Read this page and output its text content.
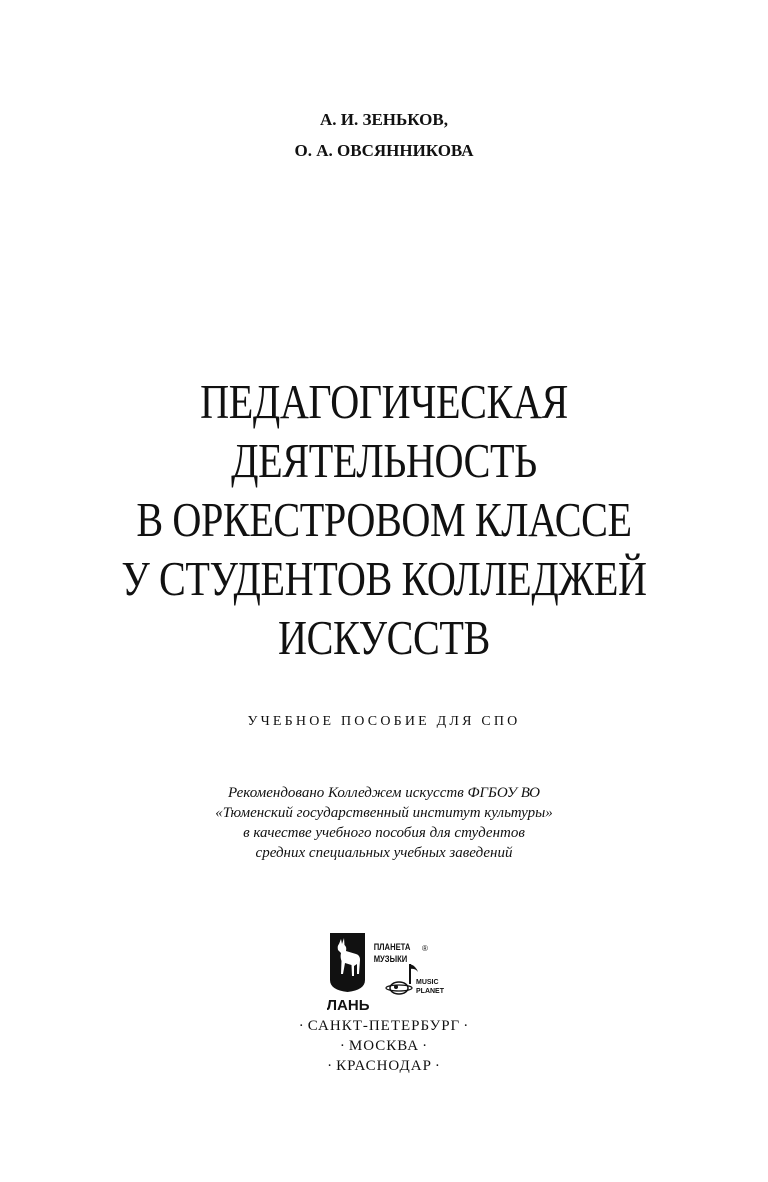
А. И. ЗЕНЬКОВ,
О. А. ОВСЯННИКОВА
ПЕДАГОГИЧЕСКАЯ
ДЕЯТЕЛЬНОСТЬ
В ОРКЕСТРОВОМ КЛАССЕ
У СТУДЕНТОВ КОЛЛЕДЖЕЙ
ИСКУССТВ
УЧЕБНОЕ ПОСОБИЕ ДЛЯ СПО
Рекомендовано Колледжем искусств ФГБОУ ВО
«Тюменский государственный институт культуры»
в качестве учебного пособия для студентов
средних специальных учебных заведений
ЛАНЬ
ПЛАНЕТА
МУЗЫКИ
®
MUSIC
PLANET
· САНКТ-ПЕТЕРБУРГ ·
· МОСКВА ·
· КРАСНОДАР ·
